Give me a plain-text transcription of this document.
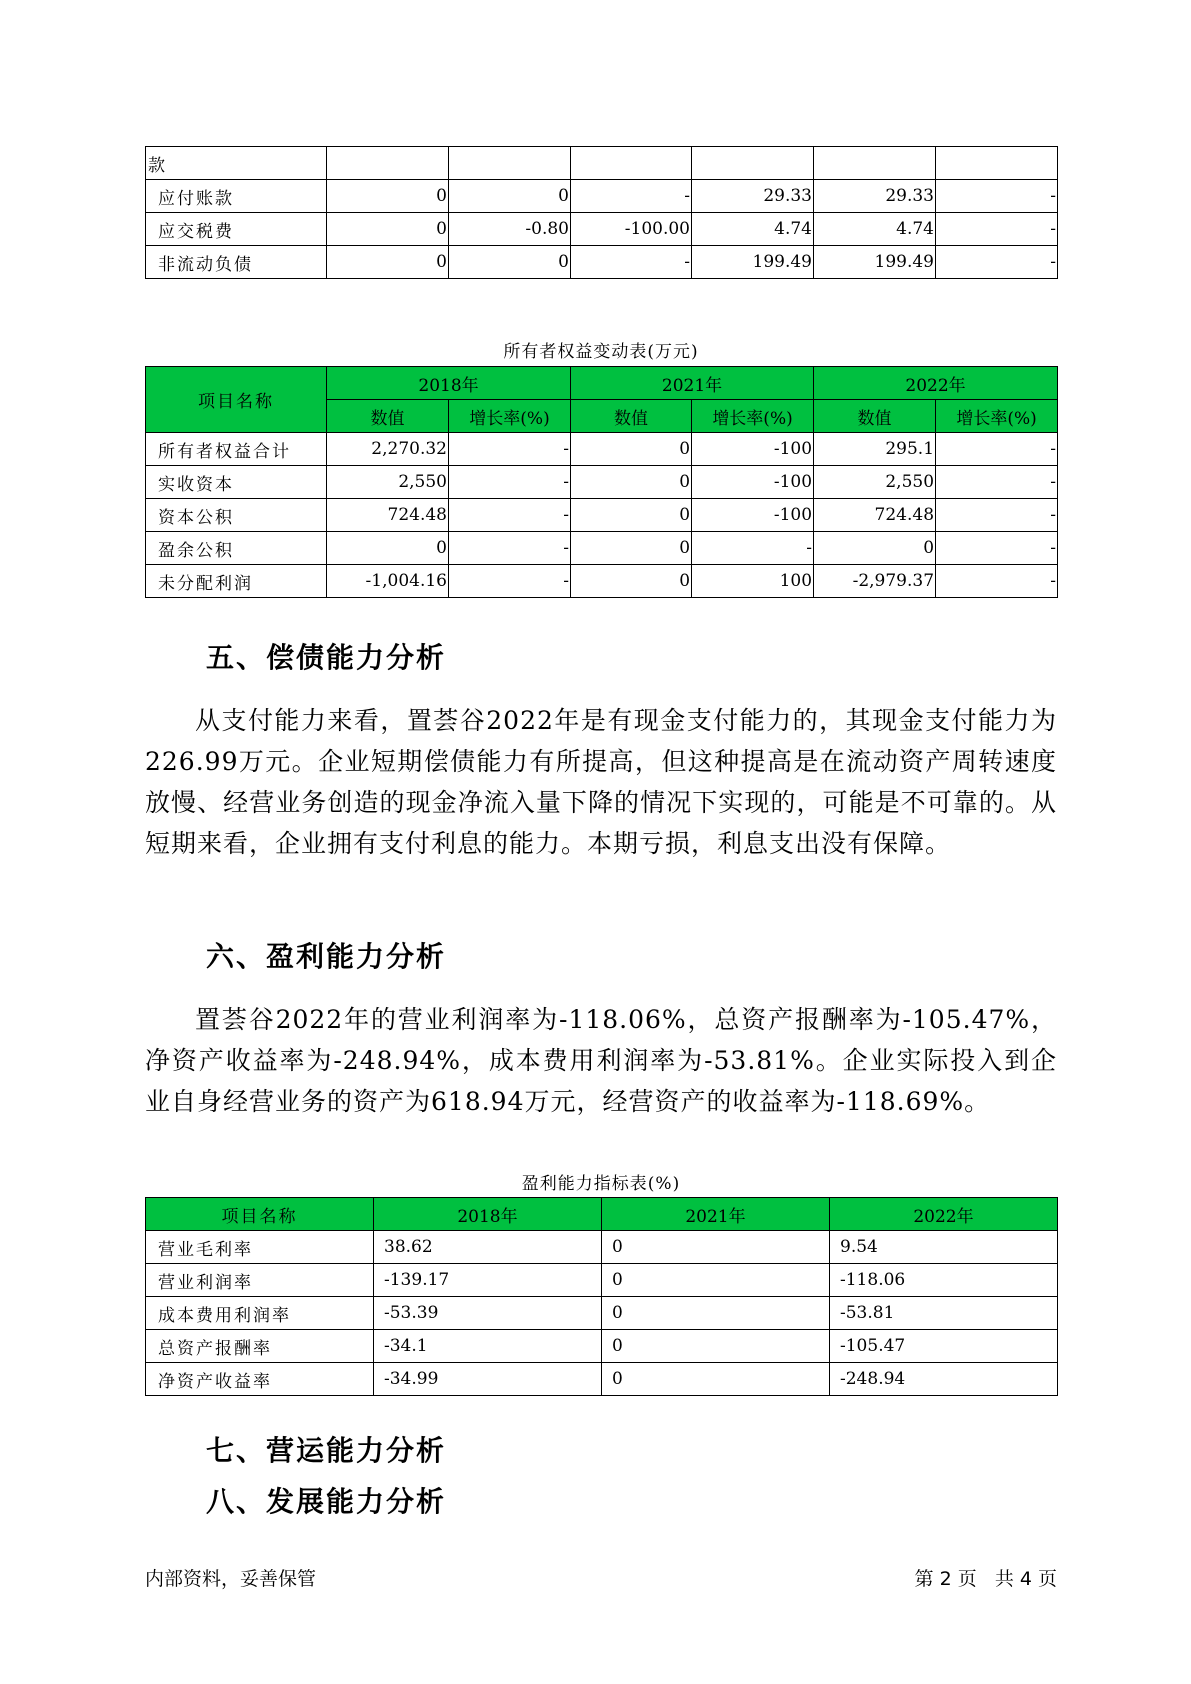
款						
应付账款	0	0	-	29.33	29.33	-
应交税费	0	-0.80	-100.00	4.74	4.74	-
非流动负债	0	0	-	199.49	199.49	-
所有者权益变动表(万元)
项目名称	2018年		2021年		2022年	
	数值	增长率(%)	数值	增长率(%)	数值	增长率(%)
所有者权益合计	2,270.32	-	0	-100	295.1	-
实收资本	2,550	-	0	-100	2,550	-
资本公积	724.48	-	0	-100	724.48	-
盈余公积	0	-	0	-	0	-
未分配利润	-1,004.16	-	0	100	-2,979.37	-
五、偿债能力分析
从支付能力来看，置荟谷2022年是有现金支付能力的，其现金支付能力为226.99万元。企业短期偿债能力有所提高，但这种提高是在流动资产周转速度放慢、经营业务创造的现金净流入量下降的情况下实现的，可能是不可靠的。从短期来看，企业拥有支付利息的能力。本期亏损，利息支出没有保障。
六、盈利能力分析
置荟谷2022年的营业利润率为-118.06%，总资产报酬率为-105.47%，净资产收益率为-248.94%，成本费用利润率为-53.81%。企业实际投入到企业自身经营业务的资产为618.94万元，经营资产的收益率为-118.69%。
盈利能力指标表(%)
项目名称	2018年	2021年	2022年
营业毛利率	38.62	0	9.54
营业利润率	-139.17	0	-118.06
成本费用利润率	-53.39	0	-53.81
总资产报酬率	-34.1	0	-105.47
净资产收益率	-34.99	0	-248.94
七、营运能力分析
八、发展能力分析
内部资料，妥善保管	第 2 页   共 4 页
